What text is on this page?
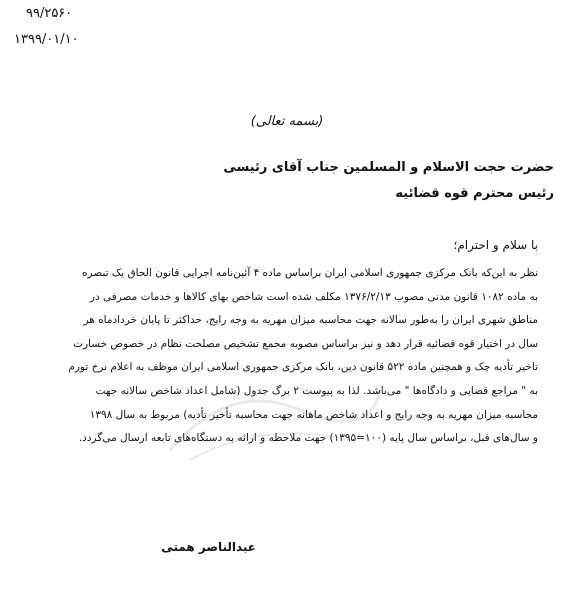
۹۹/۲۵۶۰
۱۳۹۹/۰۱/۱۰
(بسمه تعالی)
حضرت حجت الاسلام و المسلمین جناب آقای رئیسی
رئیس محترم قوه قضائیه
با سلام و احترام؛
نظر به این‌که بانک مرکزی جمهوری اسلامی ایران براساس ماده ۴ آئین‌نامه اجرایی قانون الحاق یک تبصره
به ماده ۱۰۸۲ قانون مدنی مصوب ۱۳۷۶/۲/۱۳ مکلف شده است شاخص بهای کالاها و خدمات مصرفی در
مناطق شهری ایران را به‌طور سالانه جهت محاسبه میزان مهریه به وجه رایج، حداکثر تا پایان خردادماه هر
سال در اختیار قوه قضائیه قرار دهد و نیز براساس مصوبه مجمع تشخیص مصلحت نظام در خصوص خسارت
تاخیر تأدیه چک و همچنین ماده ۵۲۲ قانون دین، بانک مرکزی جمهوری اسلامی ایران موظف به اعلام نرخ تورم
به " مراجع قضایی و دادگاه‌ها " می‌باشد. لذا به پیوست ۲ برگ جدول (شامل اعداد شاخص سالانه جهت
محاسبه میزان مهریه به وجه رایج و اعداد شاخص ماهانه جهت محاسبه تأخیر تأدیه) مربوط به سال ۱۳۹۸
و سال‌های قبل، براساس سال پایه (۱۰۰=۱۳۹۵) جهت ملاحظه و ارائه به دستگاه‌های تابعه ارسال می‌گردد.
عبدالناصر همتی
